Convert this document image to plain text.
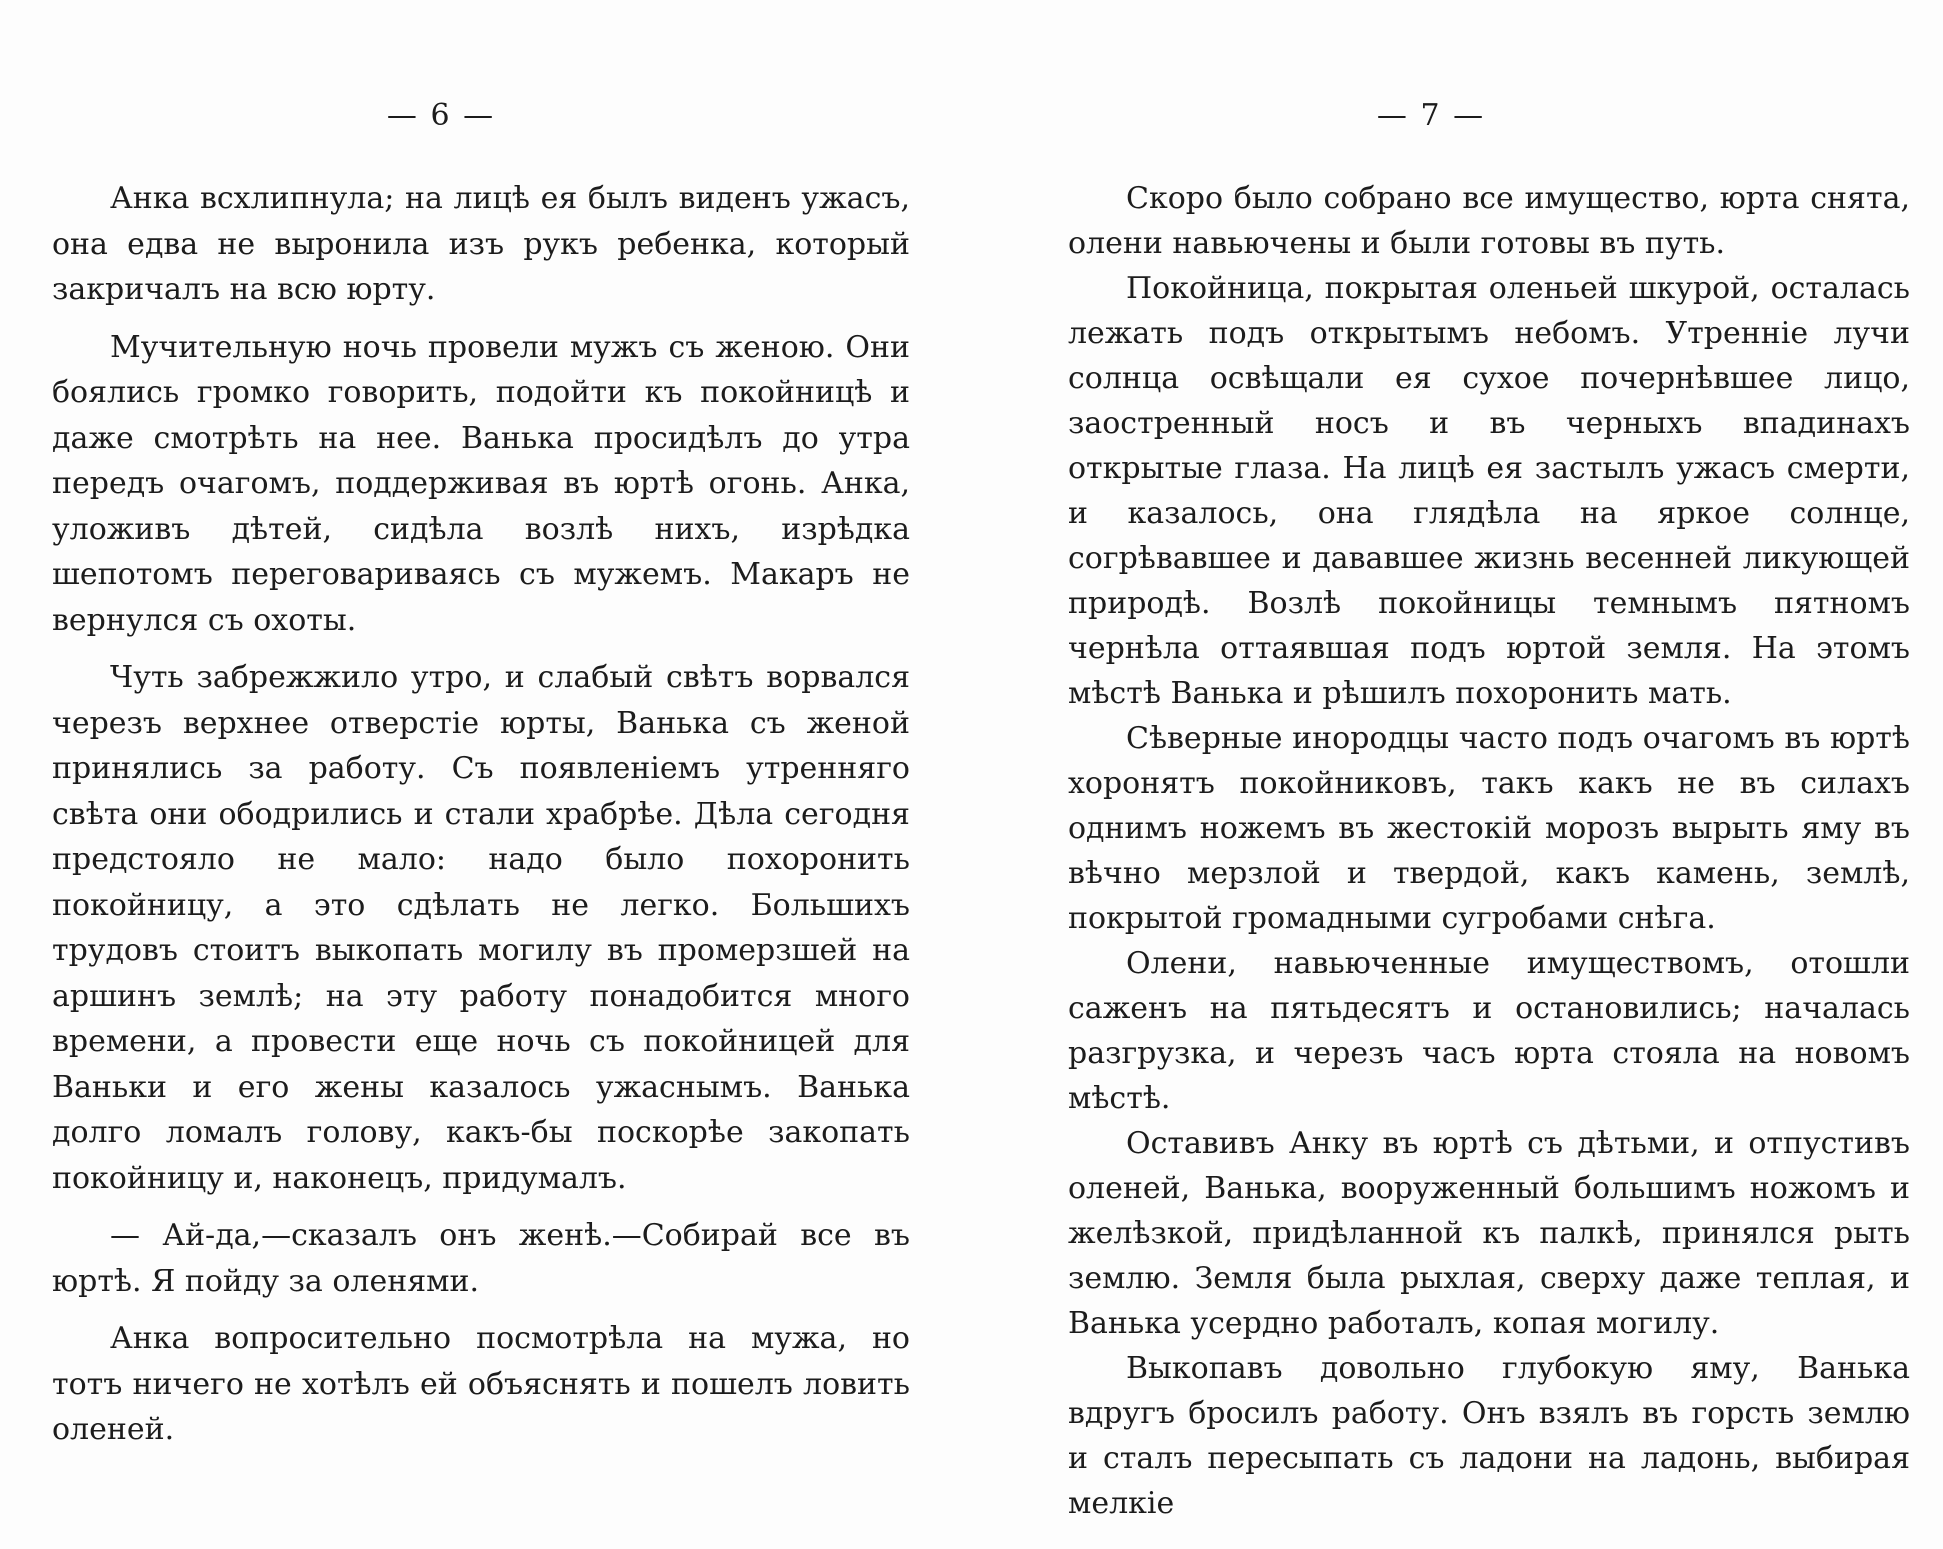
— 6 —

Анка всхлипнула; на лицѣ ея былъ виденъ ужасъ, она едва не выронила изъ рукъ ребенка, который закричалъ на всю юрту.

Мучительную ночь провели мужъ съ женою. Они боялись громко говорить, подойти къ покойницѣ и даже смотрѣть на нее. Ванька просидѣлъ до утра передъ очагомъ, поддерживая въ юртѣ огонь. Анка, уложивъ дѣтей, сидѣла возлѣ нихъ, изрѣдка шепотомъ переговариваясь съ мужемъ. Макаръ не вернулся съ охоты.

Чуть забрежжило утро, и слабый свѣтъ ворвался черезъ верхнее отверстіе юрты, Ванька съ женой принялись за работу. Съ появленіемъ утренняго свѣта они ободрились и стали храбрѣе. Дѣла сегодня предстояло не мало: надо было похоронить покойницу, а это сдѣлать не легко. Большихъ трудовъ стоитъ выкопать могилу въ промерзшей на аршинъ землѣ; на эту работу понадобится много времени, а провести еще ночь съ покойницей для Ваньки и его жены казалось ужаснымъ. Ванька долго ломалъ голову, какъ-бы поскорѣе закопать покойницу и, наконецъ, придумалъ.

— Ай-да,—сказалъ онъ женѣ.—Собирай все въ юртѣ. Я пойду за оленями.

Анка вопросительно посмотрѣла на мужа, но тотъ ничего не хотѣлъ ей объяснять и пошелъ ловить оленей.

— 7 —

Скоро было собрано все имущество, юрта снята, олени навьючены и были готовы въ путь.

Покойница, покрытая оленьей шкурой, осталась лежать подъ открытымъ небомъ. Утренніе лучи солнца освѣщали ея сухое почернѣвшее лицо, заостренный носъ и въ черныхъ впадинахъ открытые глаза. На лицѣ ея застылъ ужасъ смерти, и казалось, она глядѣла на яркое солнце, согрѣвавшее и дававшее жизнь весенней ликующей природѣ. Возлѣ покойницы темнымъ пятномъ чернѣла оттаявшая подъ юртой земля. На этомъ мѣстѣ Ванька и рѣшилъ похоронить мать.

Сѣверные инородцы часто подъ очагомъ въ юртѣ хоронятъ покойниковъ, такъ какъ не въ силахъ однимъ ножемъ въ жестокій морозъ вырыть яму въ вѣчно мерзлой и твердой, какъ камень, землѣ, покрытой громадными сугробами снѣга.

Олени, навьюченные имуществомъ, отошли саженъ на пятьдесятъ и остановились; началась разгрузка, и черезъ часъ юрта стояла на новомъ мѣстѣ.

Оставивъ Анку въ юртѣ съ дѣтьми, и отпустивъ оленей, Ванька, вооруженный большимъ ножомъ и желѣзкой, придѣланной къ палкѣ, принялся рыть землю. Земля была рыхлая, сверху даже теплая, и Ванька усердно работалъ, копая могилу.

Выкопавъ довольно глубокую яму, Ванька вдругъ бросилъ работу. Онъ взялъ въ горсть землю и сталъ пересыпать съ ладони на ладонь, выбирая мелкіе
